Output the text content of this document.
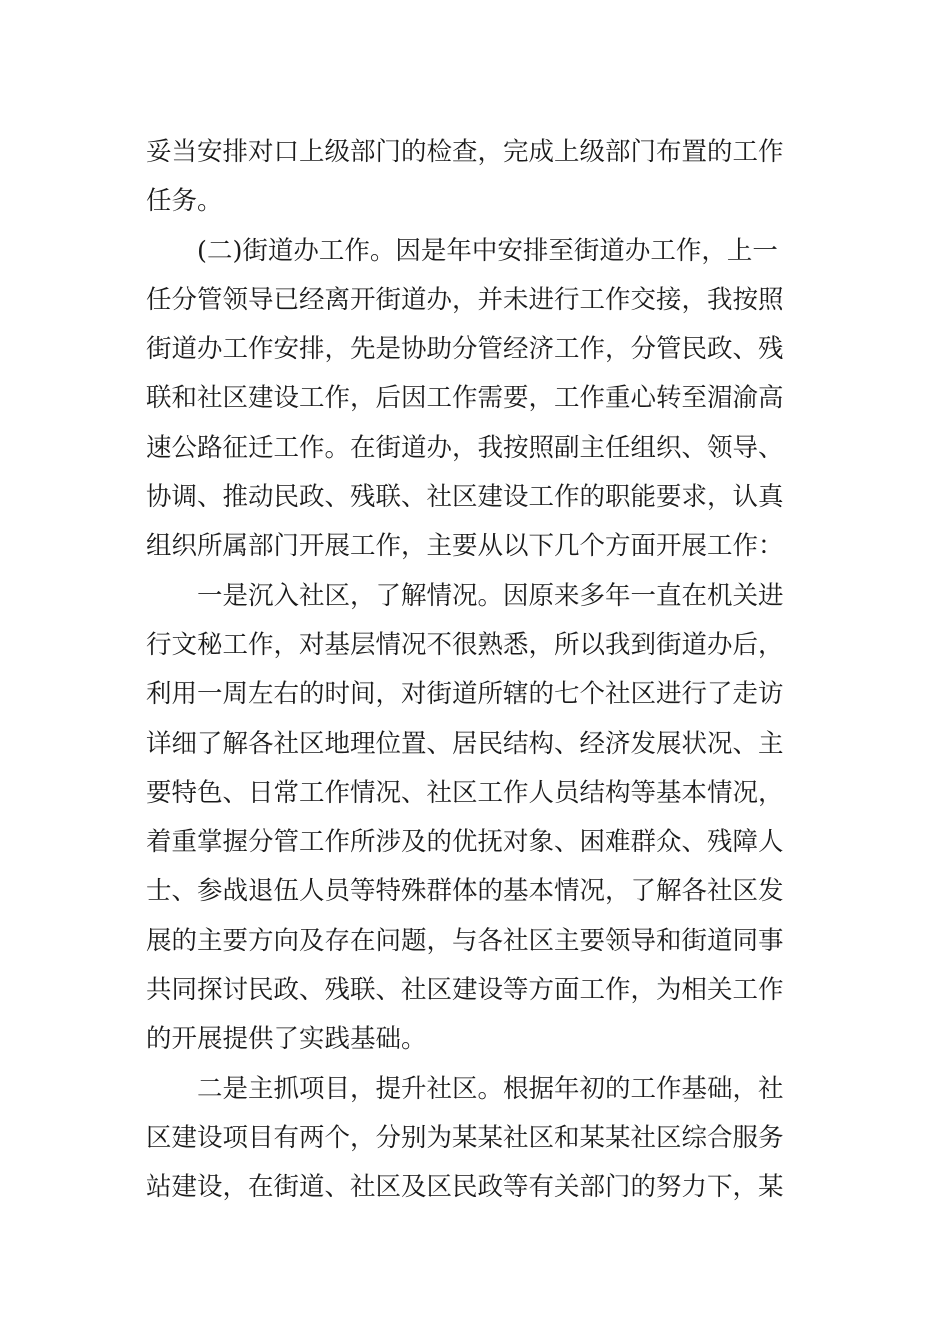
妥当安排对口上级部门的检查，完成上级部门布置的工作
任务。
(二)街道办工作。因是年中安排至街道办工作，上一
任分管领导已经离开街道办，并未进行工作交接，我按照
街道办工作安排，先是协助分管经济工作，分管民政、残
联和社区建设工作，后因工作需要，工作重心转至湄渝高
速公路征迁工作。在街道办，我按照副主任组织、领导、
协调、推动民政、残联、社区建设工作的职能要求，认真
组织所属部门开展工作，主要从以下几个方面开展工作：
一是沉入社区，了解情况。因原来多年一直在机关进
行文秘工作，对基层情况不很熟悉，所以我到街道办后，
利用一周左右的时间，对街道所辖的七个社区进行了走访
详细了解各社区地理位置、居民结构、经济发展状况、主
要特色、日常工作情况、社区工作人员结构等基本情况，
着重掌握分管工作所涉及的优抚对象、困难群众、残障人
士、参战退伍人员等特殊群体的基本情况，了解各社区发
展的主要方向及存在问题，与各社区主要领导和街道同事
共同探讨民政、残联、社区建设等方面工作，为相关工作
的开展提供了实践基础。
二是主抓项目，提升社区。根据年初的工作基础，社
区建设项目有两个，分别为某某社区和某某社区综合服务
站建设，在街道、社区及区民政等有关部门的努力下，某
